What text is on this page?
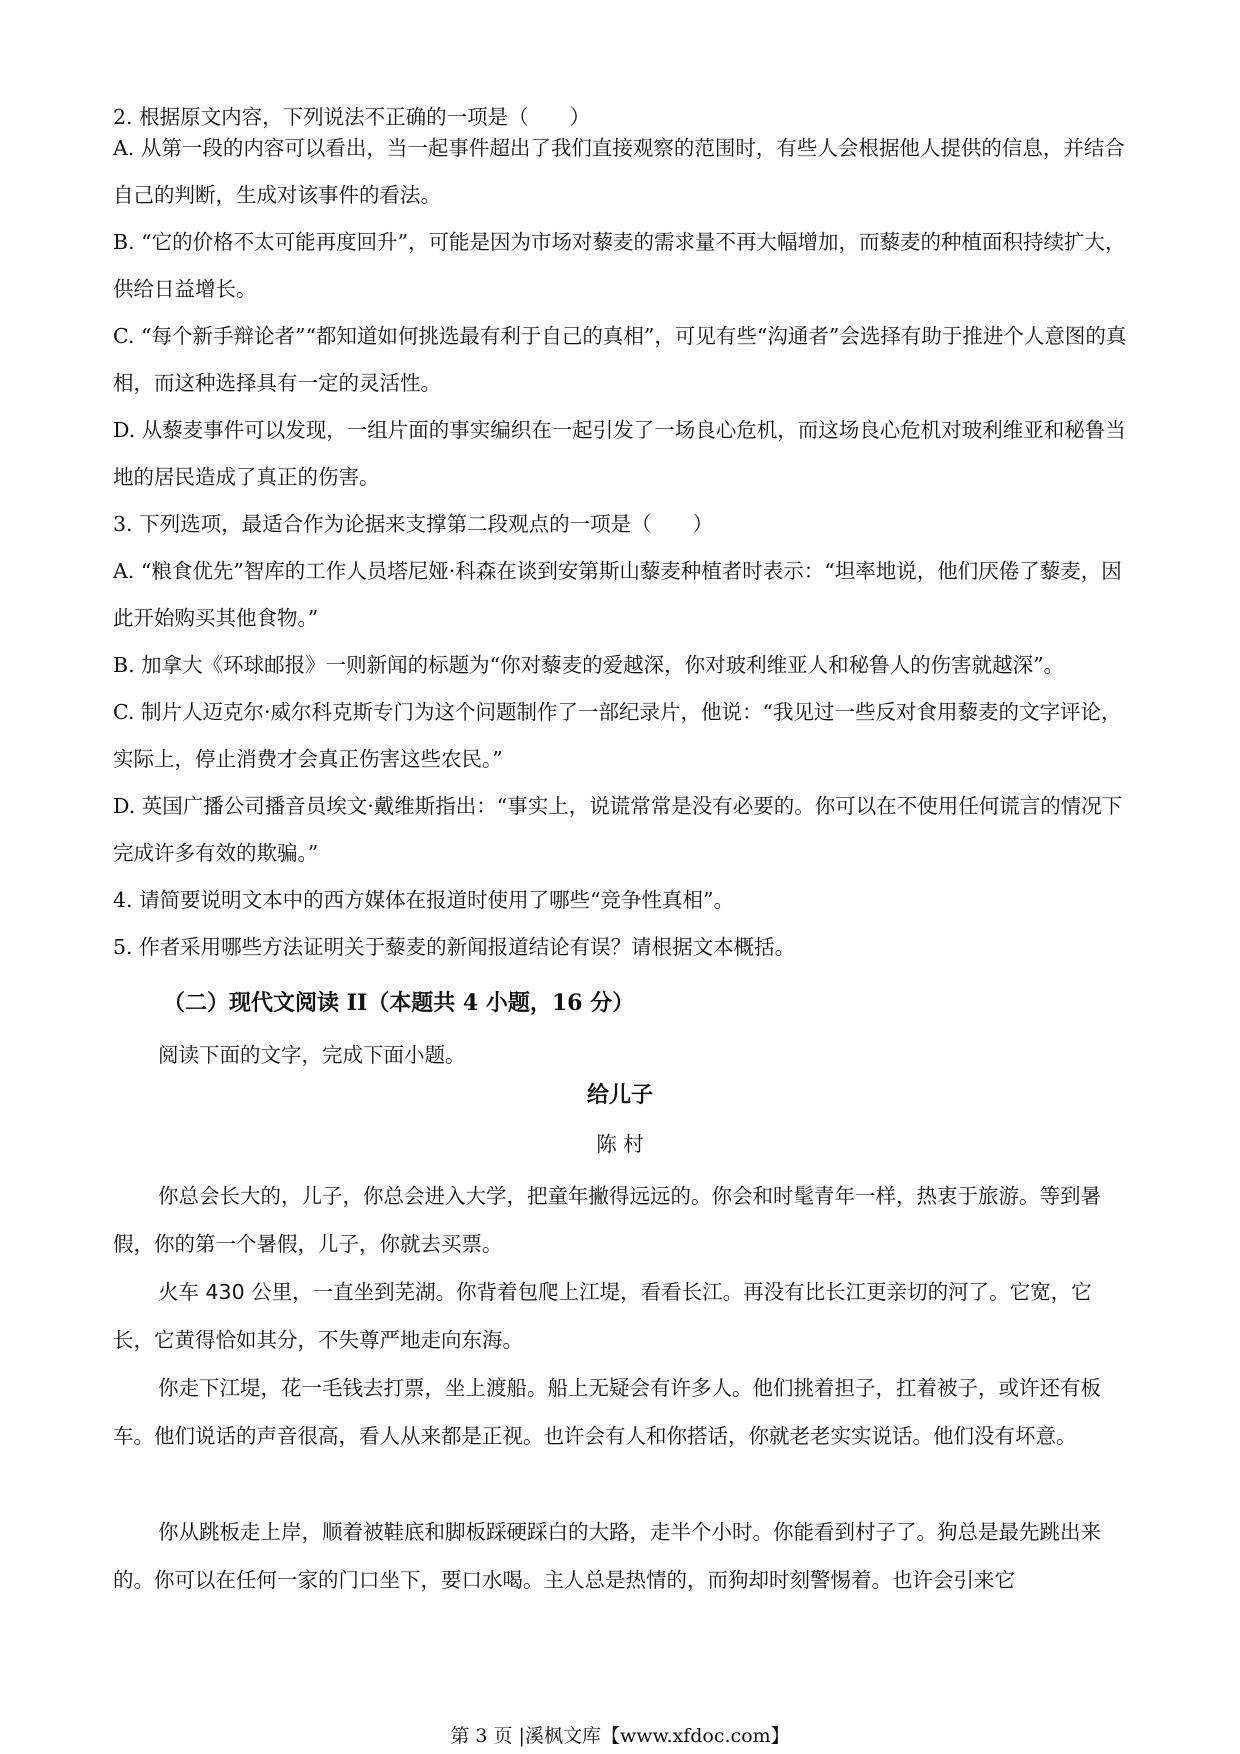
2. 根据原文内容，下列说法不正确的一项是（　　）

A. 从第一段的内容可以看出，当一起事件超出了我们直接观察的范围时，有些人会根据他人提供的信息，并结合自己的判断，生成对该事件的看法。

B. “它的价格不太可能再度回升”，可能是因为市场对藜麦的需求量不再大幅增加，而藜麦的种植面积持续扩大，供给日益增长。

C. “每个新手辩论者”“都知道如何挑选最有利于自己的真相”，可见有些“沟通者”会选择有助于推进个人意图的真相，而这种选择具有一定的灵活性。

D. 从藜麦事件可以发现，一组片面的事实编织在一起引发了一场良心危机，而这场良心危机对玻利维亚和秘鲁当地的居民造成了真正的伤害。

3. 下列选项，最适合作为论据来支撑第二段观点的一项是（　　）

A. “粮食优先”智库的工作人员塔尼娅·科森在谈到安第斯山藜麦种植者时表示：“坦率地说，他们厌倦了藜麦，因此开始购买其他食物。”

B. 加拿大《环球邮报》一则新闻的标题为“你对藜麦的爱越深，你对玻利维亚人和秘鲁人的伤害就越深”。

C. 制片人迈克尔·威尔科克斯专门为这个问题制作了一部纪录片，他说：“我见过一些反对食用藜麦的文字评论，实际上，停止消费才会真正伤害这些农民。”

D. 英国广播公司播音员埃文·戴维斯指出：“事实上，说谎常常是没有必要的。你可以在不使用任何谎言的情况下完成许多有效的欺骗。”

4. 请简要说明文本中的西方媒体在报道时使用了哪些“竞争性真相”。

5. 作者采用哪些方法证明关于藜麦的新闻报道结论有误？请根据文本概括。

（二）现代文阅读 II（本题共 4 小题，16 分）

阅读下面的文字，完成下面小题。

给儿子

陈 村

你总会长大的，儿子，你总会进入大学，把童年撇得远远的。你会和时髦青年一样，热衷于旅游。等到暑假，你的第一个暑假，儿子，你就去买票。

火车 430 公里，一直坐到芜湖。你背着包爬上江堤，看看长江。再没有比长江更亲切的河了。它宽，它长，它黄得恰如其分，不失尊严地走向东海。

你走下江堤，花一毛钱去打票，坐上渡船。船上无疑会有许多人。他们挑着担子，扛着被子，或许还有板车。他们说话的声音很高，看人从来都是正视。也许会有人和你搭话，你就老老实实说话。他们没有坏意。

你从跳板走上岸，顺着被鞋底和脚板踩硬踩白的大路，走半个小时。你能看到村子了。狗总是最先跳出来的。你可以在任何一家的门口坐下，要口水喝。主人总是热情的，而狗却时刻警惕着。也许会引来它

第 3 页 |溪枫文库【www.xfdoc.com】
